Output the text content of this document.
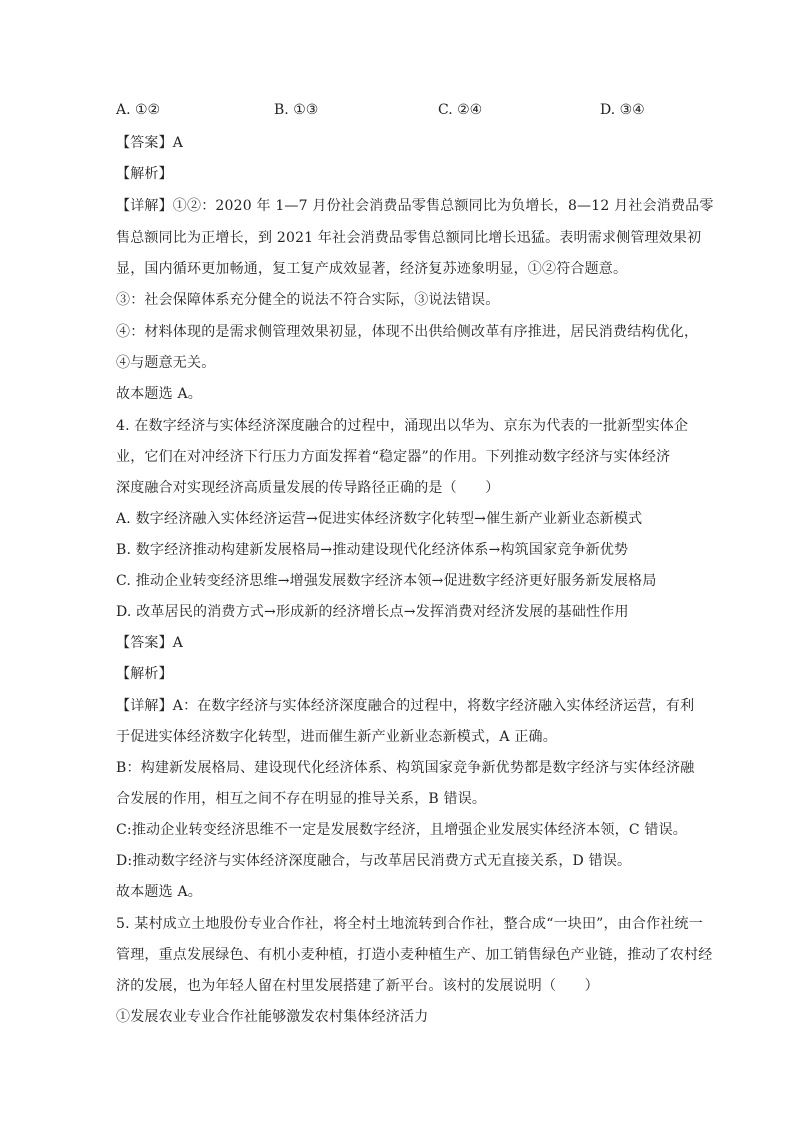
A. ①②	B. ①③	C. ②④	D. ③④
【答案】A
【解析】
【详解】①②：2020 年 1—7 月份社会消费品零售总额同比为负增长，8—12 月社会消费品零
售总额同比为正增长，到 2021 年社会消费品零售总额同比增长迅猛。表明需求侧管理效果初
显，国内循环更加畅通，复工复产成效显著，经济复苏迹象明显，①②符合题意。
③：社会保障体系充分健全的说法不符合实际，③说法错误。
④：材料体现的是需求侧管理效果初显，体现不出供给侧改革有序推进，居民消费结构优化，
④与题意无关。
故本题选 A。
4. 在数字经济与实体经济深度融合的过程中，涌现出以华为、京东为代表的一批新型实体企
业，它们在对冲经济下行压力方面发挥着“稳定器”的作用。下列推动数字经济与实体经济
深度融合对实现经济高质量发展的传导路径正确的是（　　）
A. 数字经济融入实体经济运营→促进实体经济数字化转型→催生新产业新业态新模式
B. 数字经济推动构建新发展格局→推动建设现代化经济体系→构筑国家竞争新优势
C. 推动企业转变经济思维→增强发展数字经济本领→促进数字经济更好服务新发展格局
D. 改革居民的消费方式→形成新的经济增长点→发挥消费对经济发展的基础性作用
【答案】A
【解析】
【详解】A：在数字经济与实体经济深度融合的过程中，将数字经济融入实体经济运营，有利
于促进实体经济数字化转型，进而催生新产业新业态新模式，A 正确。
B：构建新发展格局、建设现代化经济体系、构筑国家竞争新优势都是数字经济与实体经济融
合发展的作用，相互之间不存在明显的推导关系，B 错误。
C:推动企业转变经济思维不一定是发展数字经济，且增强企业发展实体经济本领，C 错误。
D:推动数字经济与实体经济深度融合，与改革居民消费方式无直接关系，D 错误。
故本题选 A。
5. 某村成立土地股份专业合作社，将全村土地流转到合作社，整合成“一块田”，由合作社统一
管理，重点发展绿色、有机小麦种植，打造小麦种植生产、加工销售绿色产业链，推动了农村经
济的发展，也为年轻人留在村里发展搭建了新平台。该村的发展说明（　　）
①发展农业专业合作社能够激发农村集体经济活力
